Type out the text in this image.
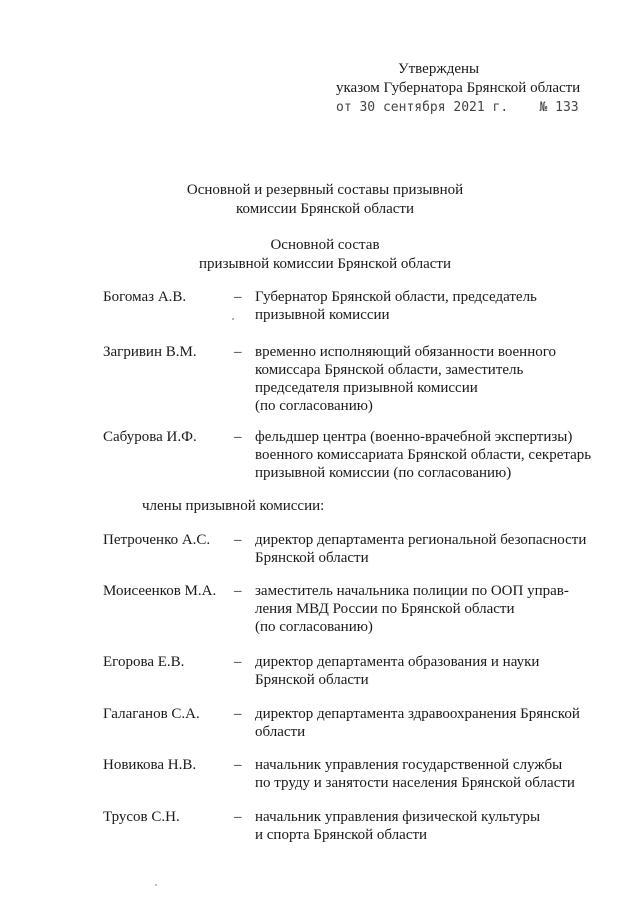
Утверждены
указом Губернатора Брянской области
от 30 сентября 2021 г.    № 133
Основной и резервный составы призывной
комиссии Брянской области
Основной состав
призывной комиссии Брянской области
Богомаз А.В.	– Губернатор Брянской области, председатель
призывной комиссии
Загривин В.М.	– временно исполняющий обязанности военного
комиссара Брянской области, заместитель
председателя призывной комиссии
(по согласованию)
Сабурова И.Ф.	– фельдшер центра (военно-врачебной экспертизы)
военного комиссариата Брянской области, секретарь
призывной комиссии (по согласованию)
члены призывной комиссии:
Петроченко А.С.	– директор департамента региональной безопасности
Брянской области
Моисеенков М.А.	– заместитель начальника полиции по ООП управ-
ления МВД России по Брянской области
(по согласованию)
Егорова Е.В.	– директор департамента образования и науки
Брянской области
Галаганов С.А.	– директор департамента здравоохранения Брянской
области
Новикова Н.В.	– начальник управления государственной службы
по труду и занятости населения Брянской области
Трусов С.Н.	– начальник управления физической культуры
и спорта Брянской области
